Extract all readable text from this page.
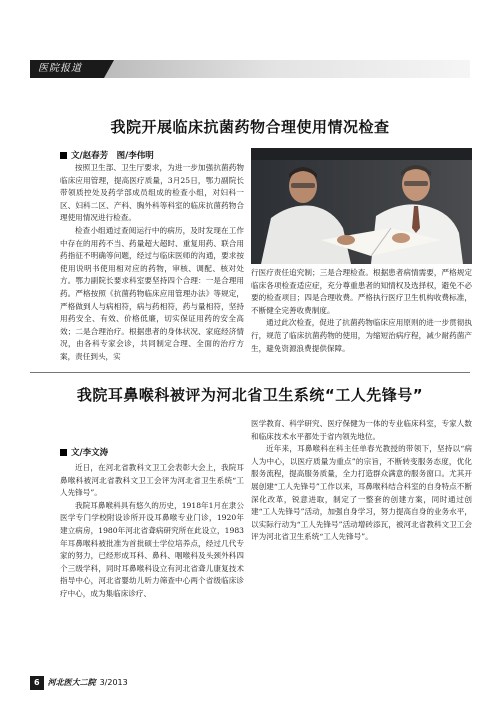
医院报道
我院开展临床抗菌药物合理使用情况检查
文/赵春芳　图/李伟明

按照卫生部、卫生厅要求，为进一步加强抗菌药物临床应用管理，提高医疗质量，3月25日，鄂力副院长带领质控处及药学部成员组成的检查小组，对妇科一区、妇科二区、产科、胸外科等科室的临床抗菌药物合理使用情况进行检查。

检查小组通过查阅运行中的病历，及时发现在工作中存在的用药不当、药量超大超时、重复用药、联合用药指征不明确等问题，经过与临床医师的沟通，要求按使用说明书使用相对应的药物，审核、调配、核对处方。鄂力副院长要求科室要坚持四个合理：一是合理用药。严格按照《抗菌药物临床应用管理办法》等规定，严格做到人与病相符，病与药相符，药与量相符，坚持用药安全、有效、价格低廉，切实保证用药的安全高效；二是合理治疗。根据患者的身体状况、家庭经济情况，由各科专家会诊，共同制定合理、全面的治疗方案，责任到头，实

行医疗责任追究制；三是合理检查。根据患者病情需要，严格规定临床各项检查适应症，充分尊重患者的知情权及选择权，避免不必要的检查项目；四是合理收费。严格执行医疗卫生机构收费标准，不断健全完善收费制度。

通过此次检查，促进了抗菌药物临床应用原则的进一步贯彻执行，规范了临床抗菌药物的使用，为缩短治病疗程，减少耐药菌产生，避免资源浪费提供保障。

我院耳鼻喉科被评为河北省卫生系统“工人先锋号”
文/李文涛

近日，在河北省教科文卫工会表彰大会上，我院耳鼻喉科被河北省教科文卫工会评为河北省卫生系统“工人先锋号”。

我院耳鼻喉科具有悠久的历史，1918年1月在隶公医学专门学校附设诊所开设耳鼻喉专业门诊，1920年建立病房，1980年河北省聋病研究所在此设立，1983年耳鼻喉科被批准为首批硕士学位培养点，经过几代专家的努力，已经形成耳科、鼻科、咽喉科及头颈外科四个三级学科，同时耳鼻喉科设立有河北省聋儿康复技术指导中心，河北省婴幼儿听力筛查中心两个省级临床诊疗中心，成为集临床诊疗、

医学教育、科学研究、医疗保健为一体的专业临床科室，专家人数和临床技术水平都处于省内领先地位。

近年来，耳鼻喉科在科主任单春光教授的带领下，坚持以“病人为中心，以医疗质量为重点”的宗旨，不断转变服务态度，优化服务流程，提高服务质量，全力打造群众满意的服务窗口。尤其开展创建“工人先锋号”工作以来，耳鼻喉科结合科室的自身特点不断深化改革，锐意进取，制定了一整套的创建方案，同时通过创建“工人先锋号”活动，加强自身学习，努力提高自身的业务水平，以实际行动为“工人先锋号”活动增砖添瓦，被河北省教科文卫工会评为河北省卫生系统“工人先锋号”。

6 河北医大二院 3/2013
